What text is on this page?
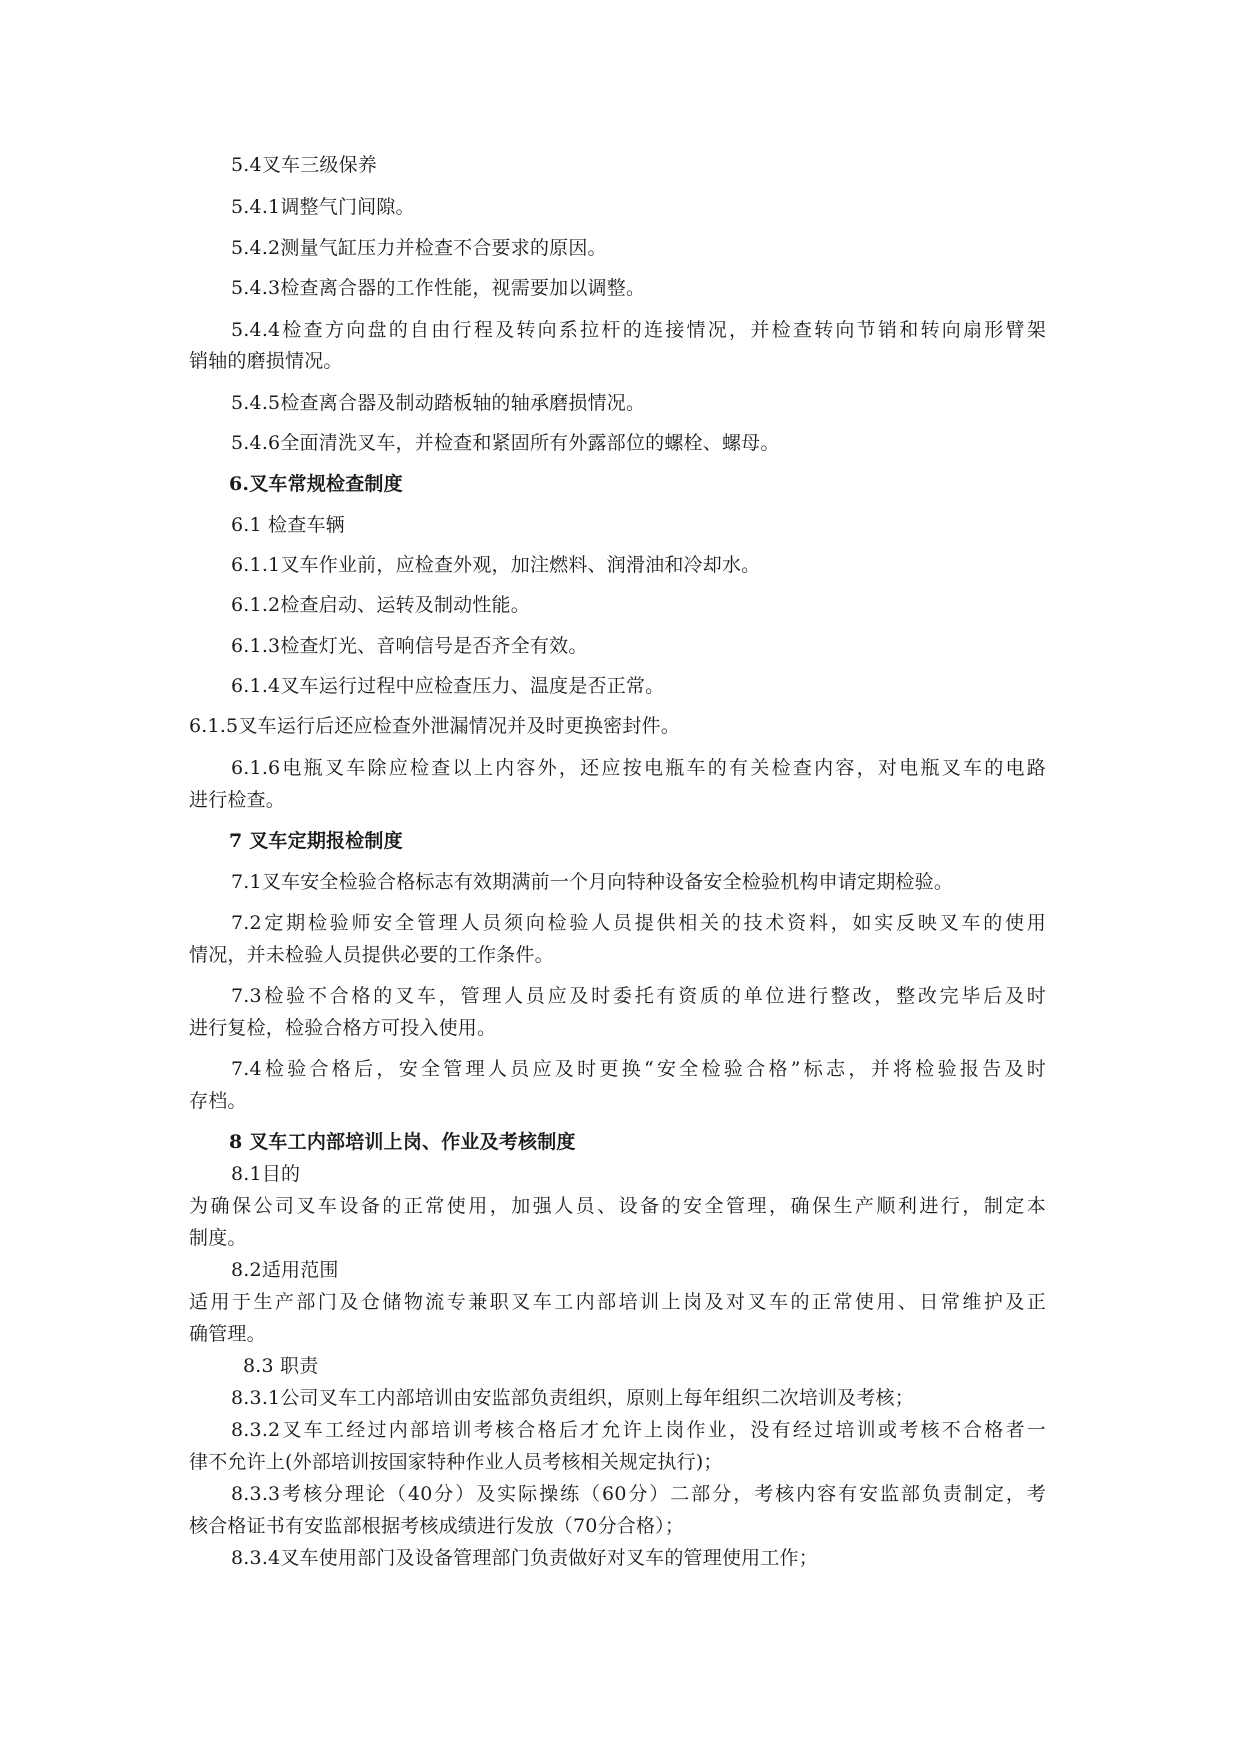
5.4叉车三级保养
5.4.1调整气门间隙。
5.4.2测量气缸压力并检查不合要求的原因。
5.4.3检查离合器的工作性能，视需要加以调整。
5.4.4检查方向盘的自由行程及转向系拉杆的连接情况，并检查转向节销和转向扇形臂架
销轴的磨损情况。
5.4.5检查离合器及制动踏板轴的轴承磨损情况。
5.4.6全面清洗叉车，并检查和紧固所有外露部位的螺栓、螺母。
6.叉车常规检查制度
6.1 检查车辆
6.1.1叉车作业前，应检查外观，加注燃料、润滑油和冷却水。
6.1.2检查启动、运转及制动性能。
6.1.3检查灯光、音响信号是否齐全有效。
6.1.4叉车运行过程中应检查压力、温度是否正常。
6.1.5叉车运行后还应检查外泄漏情况并及时更换密封件。
6.1.6电瓶叉车除应检查以上内容外，还应按电瓶车的有关检查内容，对电瓶叉车的电路
进行检查。
7 叉车定期报检制度
7.1叉车安全检验合格标志有效期满前一个月向特种设备安全检验机构申请定期检验。
7.2定期检验师安全管理人员须向检验人员提供相关的技术资料，如实反映叉车的使用
情况，并未检验人员提供必要的工作条件。
7.3检验不合格的叉车，管理人员应及时委托有资质的单位进行整改，整改完毕后及时
进行复检，检验合格方可投入使用。
7.4检验合格后，安全管理人员应及时更换“安全检验合格”标志，并将检验报告及时
存档。
8 叉车工内部培训上岗、作业及考核制度
8.1目的
为确保公司叉车设备的正常使用，加强人员、设备的安全管理，确保生产顺利进行，制定本
制度。
8.2适用范围
适用于生产部门及仓储物流专兼职叉车工内部培训上岗及对叉车的正常使用、日常维护及正
确管理。
8.3 职责
8.3.1公司叉车工内部培训由安监部负责组织，原则上每年组织二次培训及考核；
8.3.2叉车工经过内部培训考核合格后才允许上岗作业，没有经过培训或考核不合格者一
律不允许上(外部培训按国家特种作业人员考核相关规定执行)；
8.3.3考核分理论（40分）及实际操练（60分）二部分，考核内容有安监部负责制定，考
核合格证书有安监部根据考核成绩进行发放（70分合格）；
8.3.4叉车使用部门及设备管理部门负责做好对叉车的管理使用工作；
